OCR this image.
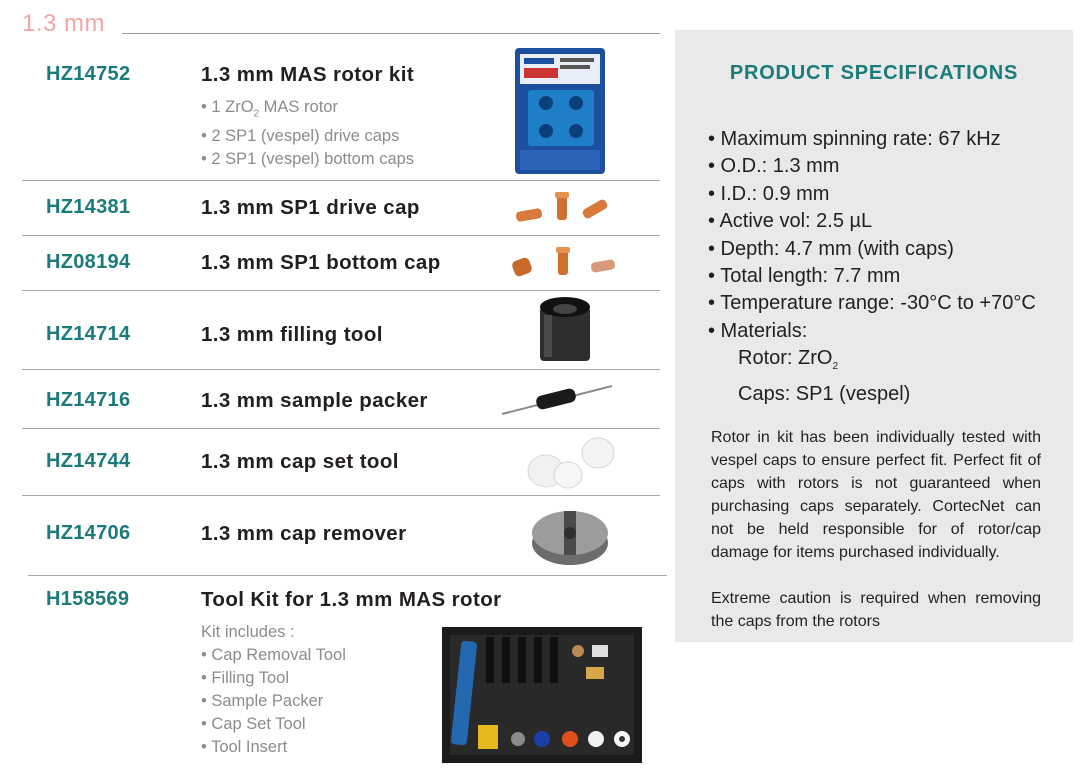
1.3 mm
HZ14752	1.3 mm MAS rotor kit
• 1 ZrO$_2$ MAS rotor
• 2 SP1 (vespel) drive caps
• 2 SP1 (vespel) bottom caps
HZ14381	1.3 mm SP1 drive cap
HZ08194	1.3 mm SP1 bottom cap
HZ14714	1.3 mm filling tool
HZ14716	1.3 mm sample packer
HZ14744	1.3 mm cap set tool
HZ14706	1.3 mm cap remover
H158569	Tool Kit for 1.3 mm MAS rotor
Kit includes :
• Cap Removal Tool
• Filling Tool
• Sample Packer
• Cap Set Tool
• Tool Insert
PRODUCT SPECIFICATIONS
• Maximum spinning rate: 67 kHz
• O.D.: 1.3 mm
• I.D.: 0.9 mm
• Active vol: 2.5 µL
• Depth: 4.7 mm (with caps)
• Total length: 7.7 mm
• Temperature range: -30°C to +70°C
• Materials:
Rotor: ZrO$_2$
Caps: SP1 (vespel)
Rotor in kit has been individually tested with vespel caps to ensure perfect fit. Perfect fit of caps with rotors is not guaranteed when purchasing caps separately. CortecNet can not be held responsible for of rotor/cap damage for items purchased individually.
Extreme caution is required when removing the caps from the rotors
